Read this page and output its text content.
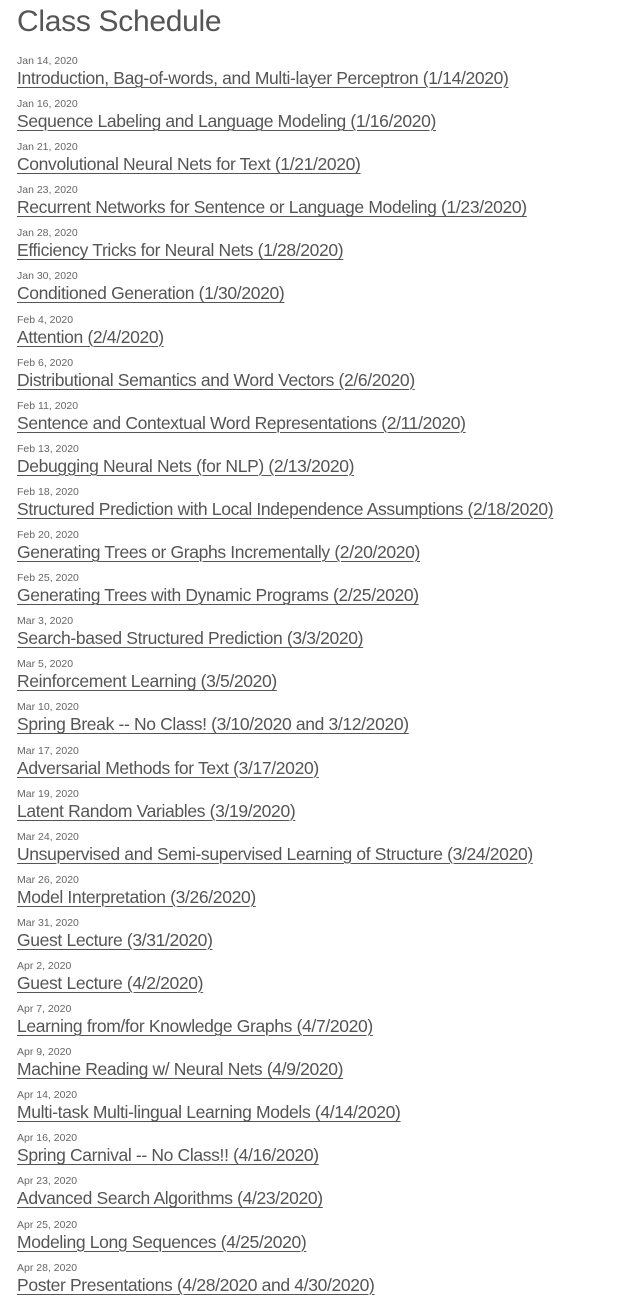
Class Schedule
Jan 14, 2020
Introduction, Bag-of-words, and Multi-layer Perceptron (1/14/2020)
Jan 16, 2020
Sequence Labeling and Language Modeling (1/16/2020)
Jan 21, 2020
Convolutional Neural Nets for Text (1/21/2020)
Jan 23, 2020
Recurrent Networks for Sentence or Language Modeling (1/23/2020)
Jan 28, 2020
Efficiency Tricks for Neural Nets (1/28/2020)
Jan 30, 2020
Conditioned Generation (1/30/2020)
Feb 4, 2020
Attention (2/4/2020)
Feb 6, 2020
Distributional Semantics and Word Vectors (2/6/2020)
Feb 11, 2020
Sentence and Contextual Word Representations (2/11/2020)
Feb 13, 2020
Debugging Neural Nets (for NLP) (2/13/2020)
Feb 18, 2020
Structured Prediction with Local Independence Assumptions (2/18/2020)
Feb 20, 2020
Generating Trees or Graphs Incrementally (2/20/2020)
Feb 25, 2020
Generating Trees with Dynamic Programs (2/25/2020)
Mar 3, 2020
Search-based Structured Prediction (3/3/2020)
Mar 5, 2020
Reinforcement Learning (3/5/2020)
Mar 10, 2020
Spring Break -- No Class! (3/10/2020 and 3/12/2020)
Mar 17, 2020
Adversarial Methods for Text (3/17/2020)
Mar 19, 2020
Latent Random Variables (3/19/2020)
Mar 24, 2020
Unsupervised and Semi-supervised Learning of Structure (3/24/2020)
Mar 26, 2020
Model Interpretation (3/26/2020)
Mar 31, 2020
Guest Lecture (3/31/2020)
Apr 2, 2020
Guest Lecture (4/2/2020)
Apr 7, 2020
Learning from/for Knowledge Graphs (4/7/2020)
Apr 9, 2020
Machine Reading w/ Neural Nets (4/9/2020)
Apr 14, 2020
Multi-task Multi-lingual Learning Models (4/14/2020)
Apr 16, 2020
Spring Carnival -- No Class!! (4/16/2020)
Apr 23, 2020
Advanced Search Algorithms (4/23/2020)
Apr 25, 2020
Modeling Long Sequences (4/25/2020)
Apr 28, 2020
Poster Presentations (4/28/2020 and 4/30/2020)
